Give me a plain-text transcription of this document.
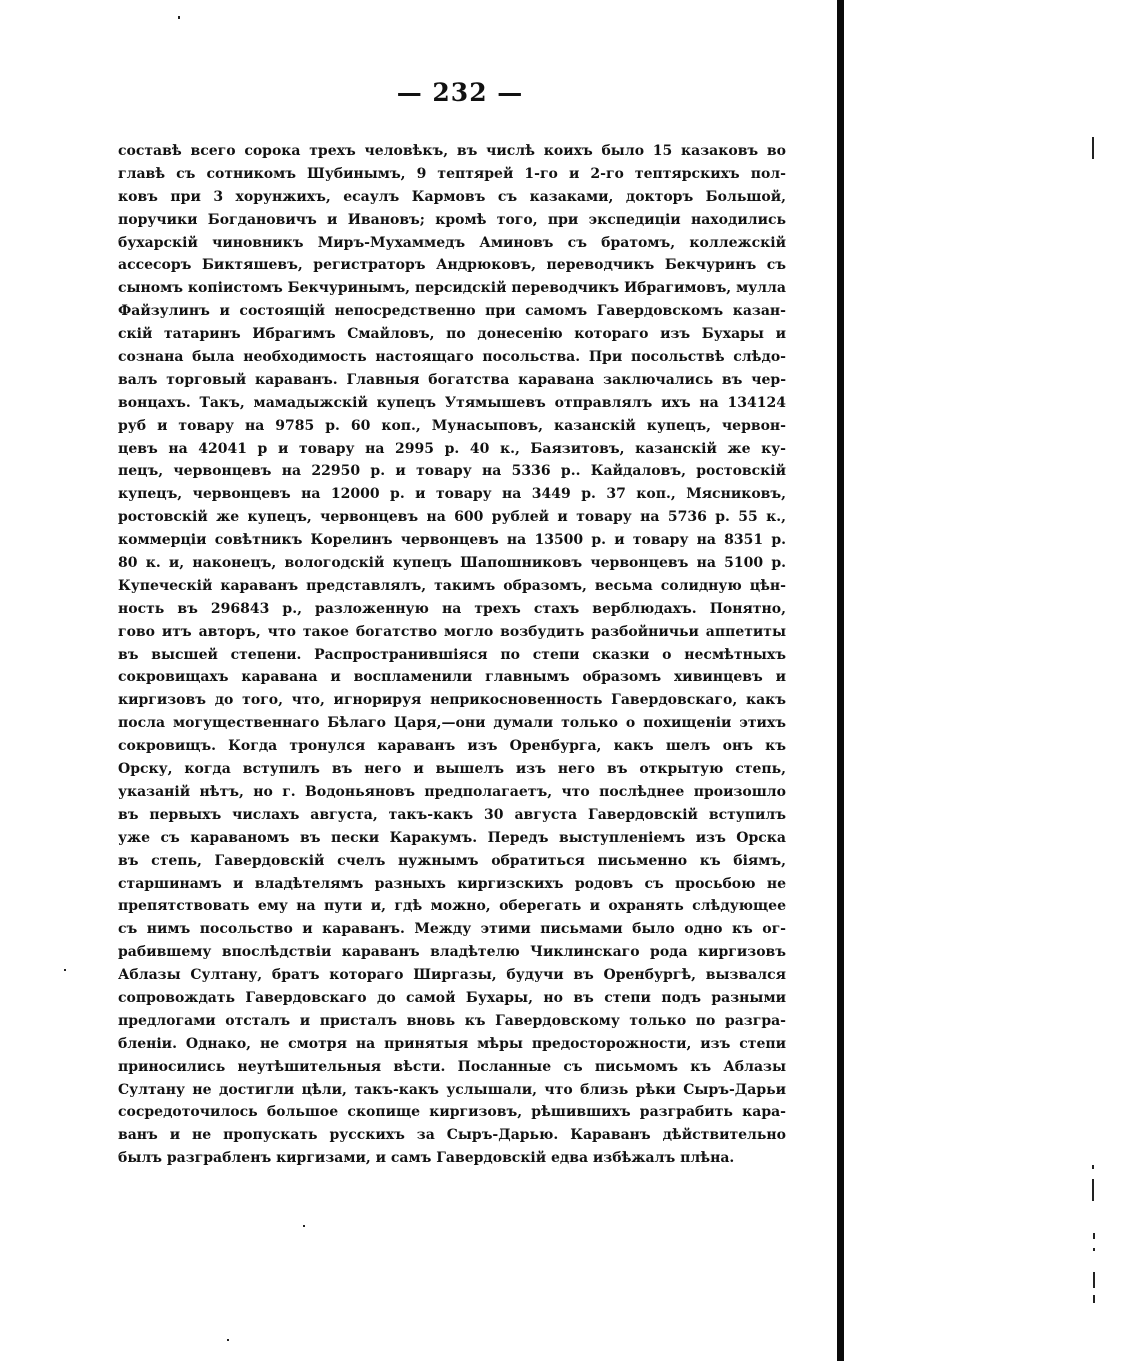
— 232 —
составѣ всего сорока трехъ человѣкъ, въ числѣ коихъ было 15 казаковъ во
главѣ съ сотникомъ Шубинымъ, 9 тептярей 1-го и 2-го тептярскихъ пол-
ковъ при 3 хорунжихъ, есаулъ Кармовъ съ казаками, докторъ Большой,
поручики Богдановичъ и Ивановъ; кромѣ того, при экспедиціи находились
бухарскій чиновникъ Миръ-Мухаммедъ Аминовъ съ братомъ, коллежскій
ассесоръ Биктяшевъ, регистраторъ Андрюковъ, переводчикъ Бекчуринъ съ
сыномъ копіистомъ Бекчуринымъ, персидскій переводчикъ Ибрагимовъ, мулла
Файзулинъ и состоящій непосредственно при самомъ Гавердовскомъ казан-
скій татаринъ Ибрагимъ Смайловъ, по донесенію котораго изъ Бухары и
сознана была необходимость настоящаго посольства. При посольствѣ слѣдо-
валъ торговый караванъ. Главныя богатства каравана заключались въ чер-
вонцахъ. Такъ, мамадыжскій купецъ Утямышевъ отправлялъ ихъ на 134124
руб и товару на 9785 р. 60 коп., Мунасыповъ, казанскій купецъ, червон-
цевъ на 42041 р и товару на 2995 р. 40 к., Баязитовъ, казанскій же ку-
пецъ, червонцевъ на 22950 р. и товару на 5336 р.. Кайдаловъ, ростовскій
купецъ, червонцевъ на 12000 р. и товару на 3449 р. 37 коп., Мясниковъ,
ростовскій же купецъ, червонцевъ на 600 рублей и товару на 5736 р. 55 к.,
коммерціи совѣтникъ Корелинъ червонцевъ на 13500 р. и товару на 8351 р.
80 к. и, наконецъ, вологодскій купецъ Шапошниковъ червонцевъ на 5100 р.
Купеческій караванъ представлялъ, такимъ образомъ, весьма солидную цѣн-
ность въ 296843 р., разложенную на трехъ стахъ верблюдахъ. Понятно,
гово итъ авторъ, что такое богатство могло возбудить разбойничьи аппетиты
въ высшей степени. Распространившіяся по степи сказки о несмѣтныхъ
сокровищахъ каравана и воспламенили главнымъ образомъ хивинцевъ и
киргизовъ до того, что, игнорируя неприкосновенность Гавердовскаго, какъ
посла могущественнаго Бѣлаго Царя,—они думали только о похищеніи этихъ
сокровищъ. Когда тронулся караванъ изъ Оренбурга, какъ шелъ онъ къ
Орску, когда вступилъ въ него и вышелъ изъ него въ открытую степь,
указаній нѣтъ, но г. Водоньяновъ предполагаетъ, что послѣднее произошло
въ первыхъ числахъ августа, такъ-какъ 30 августа Гавердовскій вступилъ
уже съ караваномъ въ пески Каракумъ. Передъ выступленіемъ изъ Орска
въ степь, Гавердовскій счелъ нужнымъ обратиться письменно къ біямъ,
старшинамъ и владѣтелямъ разныхъ киргизскихъ родовъ съ просьбою не
препятствовать ему на пути и, гдѣ можно, оберегать и охранять слѣдующее
съ нимъ посольство и караванъ. Между этими письмами было одно къ ог-
рабившему впослѣдствіи караванъ владѣтелю Чиклинскаго рода киргизовъ
Аблазы Султану, братъ котораго Ширгазы, будучи въ Оренбургѣ, вызвался
сопровождать Гавердовскаго до самой Бухары, но въ степи подъ разными
предлогами отсталъ и присталъ вновь къ Гавердовскому только по разгра-
бленіи. Однако, не смотря на принятыя мѣры предосторожности, изъ степи
приносились неутѣшительныя вѣсти. Посланные съ письмомъ къ Аблазы
Султану не достигли цѣли, такъ-какъ услышали, что близь рѣки Сыръ-Дарьи
сосредоточилось большое скопище киргизовъ, рѣшившихъ разграбить кара-
ванъ и не пропускать русскихъ за Сыръ-Дарью. Караванъ дѣйствительно
былъ разграбленъ киргизами, и самъ Гавердовскій едва избѣжалъ плѣна.
